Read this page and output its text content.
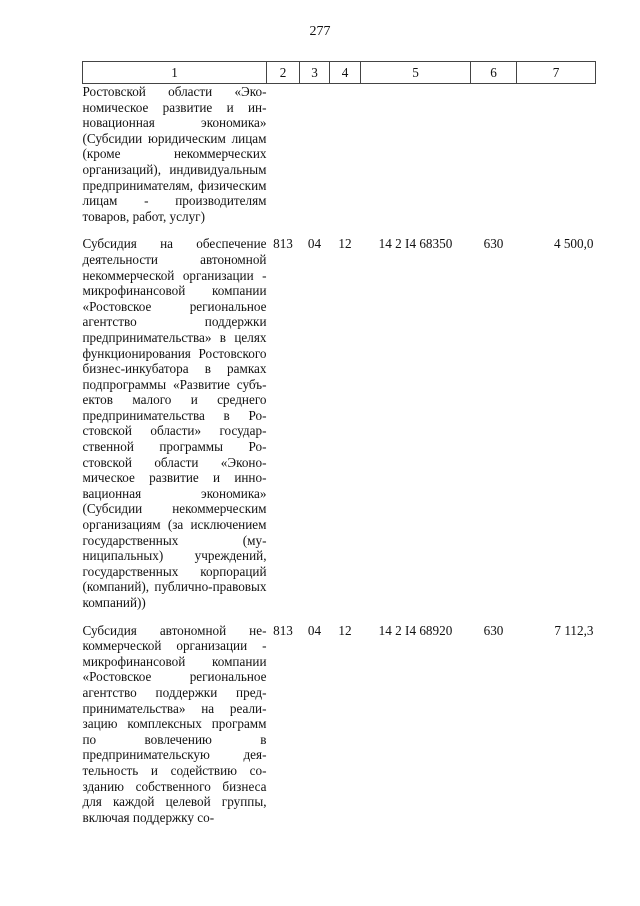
277
1	2	3	4	5	6	7
Ростовской области «Экономическое развитие и инновационная экономика» (Субсидии юридическим лицам (кроме некоммерческих организаций), индивидуальным предпринимателям, физическим лицам - производителям товаров, работ, услуг)						

Субсидия на обеспечение деятельности автономной некоммерческой организации - микрофинансовой компании «Ростовское региональное агентство поддержки предпринимательства» в целях функционирования Ростовского бизнес-инкубатора в рамках подпрограммы «Развитие субъектов малого и среднего предпринимательства в Ростовской области» государственной программы Ростовской области «Экономическое развитие и инновационная экономика» (Субсидии некоммерческим организациям (за исключением государственных (муниципальных) учреждений, государственных корпораций (компаний), публично-правовых компаний))	813	04	12	14 2 I4 68350	630	4 500,0

Субсидия автономной некоммерческой организации - микрофинансовой компании «Ростовское региональное агентство поддержки предпринимательства» на реализацию комплексных программ по вовлечению в предпринимательскую деятельность и содействию созданию собственного бизнеса для каждой целевой группы, включая поддержку со-	813	04	12	14 2 I4 68920	630	7 112,3
